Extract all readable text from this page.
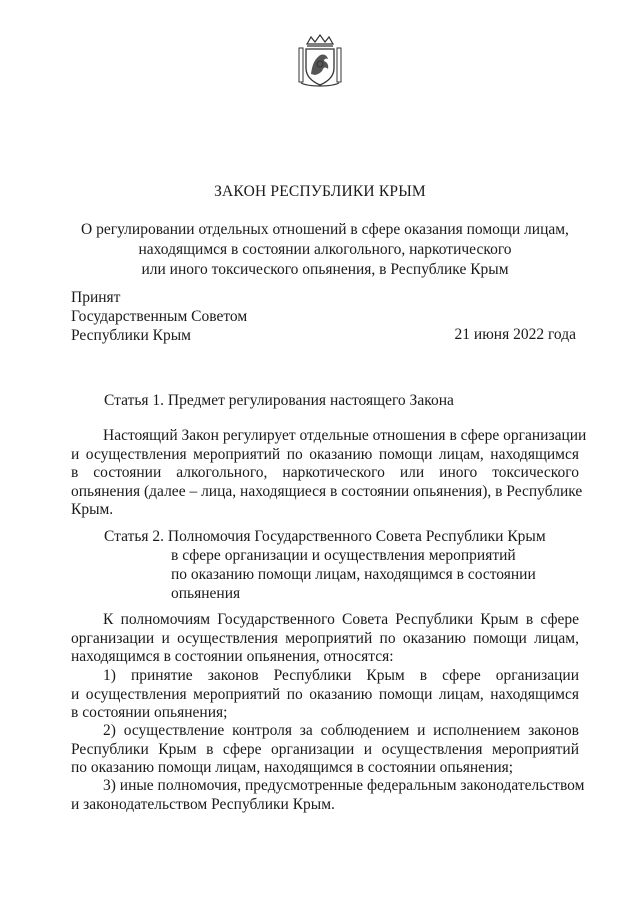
ЗАКОН РЕСПУБЛИКИ КРЫМ
О регулировании отдельных отношений в сфере оказания помощи лицам,
находящимся в состоянии алкогольного, наркотического
или иного токсического опьянения, в Республике Крым
Принят
Государственным Советом
Республики Крым	21 июня 2022 года
Статья 1. Предмет регулирования настоящего Закона
Настоящий Закон регулирует отдельные отношения в сфере организации
и осуществления мероприятий по оказанию помощи лицам, находящимся
в состоянии алкогольного, наркотического или иного токсического
опьянения (далее – лица, находящиеся в состоянии опьянения), в Республике
Крым.
Статья 2. Полномочия Государственного Совета Республики Крым
в сфере организации и осуществления мероприятий
по оказанию помощи лицам, находящимся в состоянии
опьянения
К полномочиям Государственного Совета Республики Крым в сфере
организации и осуществления мероприятий по оказанию помощи лицам,
находящимся в состоянии опьянения, относятся:
1) принятие законов Республики Крым в сфере организации
и осуществления мероприятий по оказанию помощи лицам, находящимся
в состоянии опьянения;
2) осуществление контроля за соблюдением и исполнением законов
Республики Крым в сфере организации и осуществления мероприятий
по оказанию помощи лицам, находящимся в состоянии опьянения;
3) иные полномочия, предусмотренные федеральным законодательством
и законодательством Республики Крым.
